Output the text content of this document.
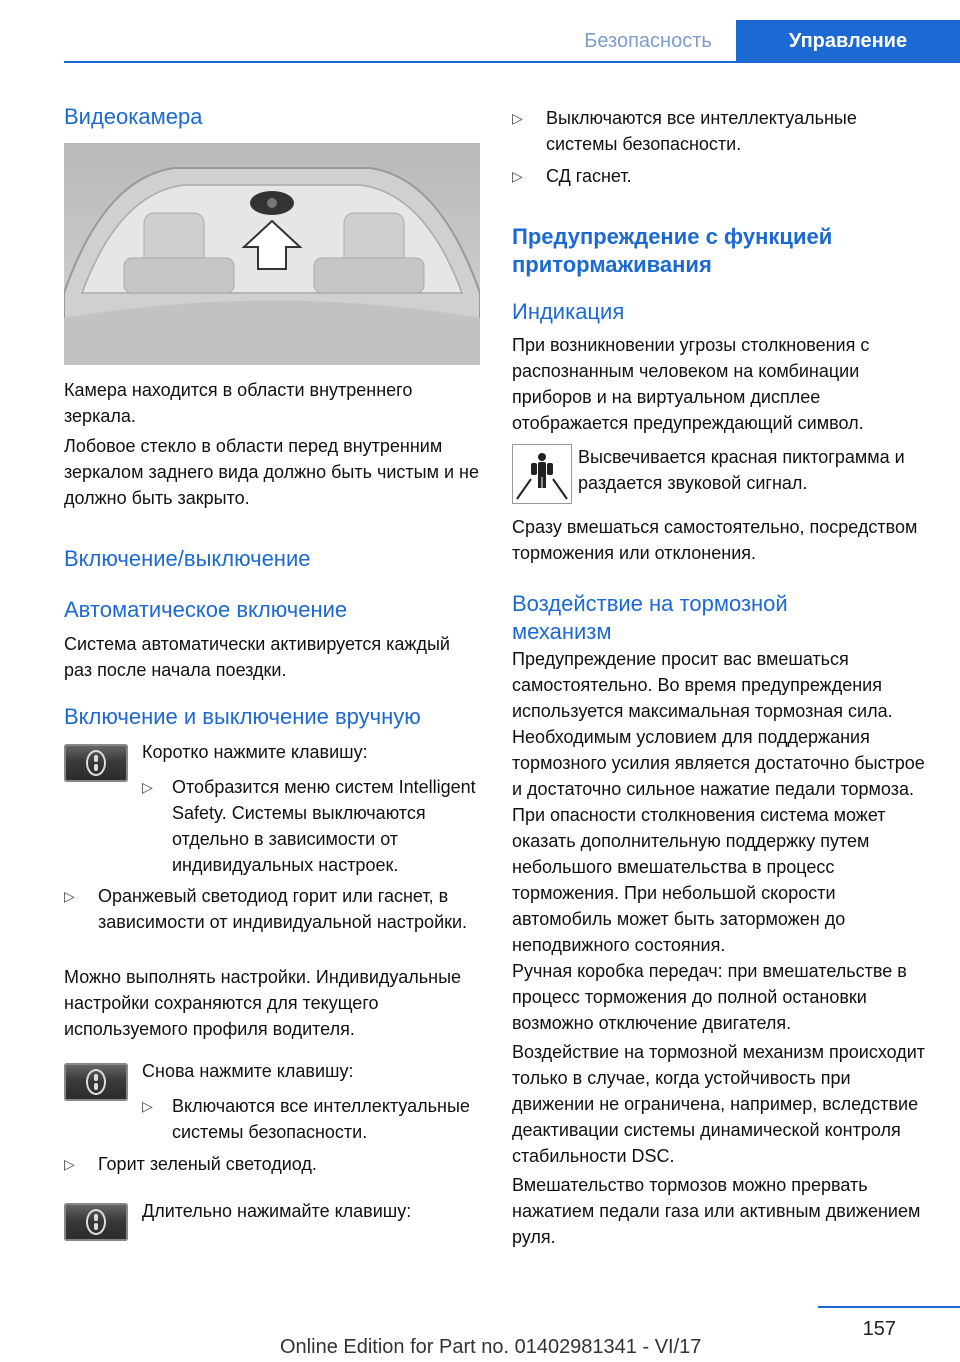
Безопасность	Управление
Видеокамера
Камера находится в области внутреннего зеркала.
Лобовое стекло в области перед внутренним зеркалом заднего вида должно быть чистым и не должно быть закрыто.
Включение/выключение
Автоматическое включение
Система автоматически активируется каждый раз после начала поездки.
Включение и выключение вручную
Коротко нажмите клавишу:
▷ Отобразится меню систем Intelligent Safety. Системы выключаются отдельно в зависимости от индивидуальных настроек.
▷ Оранжевый светодиод горит или гаснет, в зависимости от индивидуальной настройки.
Можно выполнять настройки. Индивидуальные настройки сохраняются для текущего используемого профиля водителя.
Снова нажмите клавишу:
▷ Включаются все интеллектуальные системы безопасности.
▷ Горит зеленый светодиод.
Длительно нажимайте клавишу:
▷ Выключаются все интеллектуальные системы безопасности.
▷ СД гаснет.
Предупреждение с функцией притормаживания
Индикация
При возникновении угрозы столкновения с распознанным человеком на комбинации приборов и на виртуальном дисплее отображается предупреждающий символ.
Высвечивается красная пиктограмма и раздается звуковой сигнал.
Сразу вмешаться самостоятельно, посредством торможения или отклонения.
Воздействие на тормозной механизм
Предупреждение просит вас вмешаться самостоятельно. Во время предупреждения используется максимальная тормозная сила. Необходимым условием для поддержания тормозного усилия является достаточно быстрое и достаточно сильное нажатие педали тормоза. При опасности столкновения система может оказать дополнительную поддержку путем небольшого вмешательства в процесс торможения. При небольшой скорости автомобиль может быть заторможен до неподвижного состояния.
Ручная коробка передач: при вмешательстве в процесс торможения до полной остановки возможно отключение двигателя.
Воздействие на тормозной механизм происходит только в случае, когда устойчивость при движении не ограничена, например, вследствие деактивации системы динамической контроля стабильности DSC.
Вмешательство тормозов можно прервать нажатием педали газа или активным движением руля.
157
Online Edition for Part no. 01402981341 - VI/17
